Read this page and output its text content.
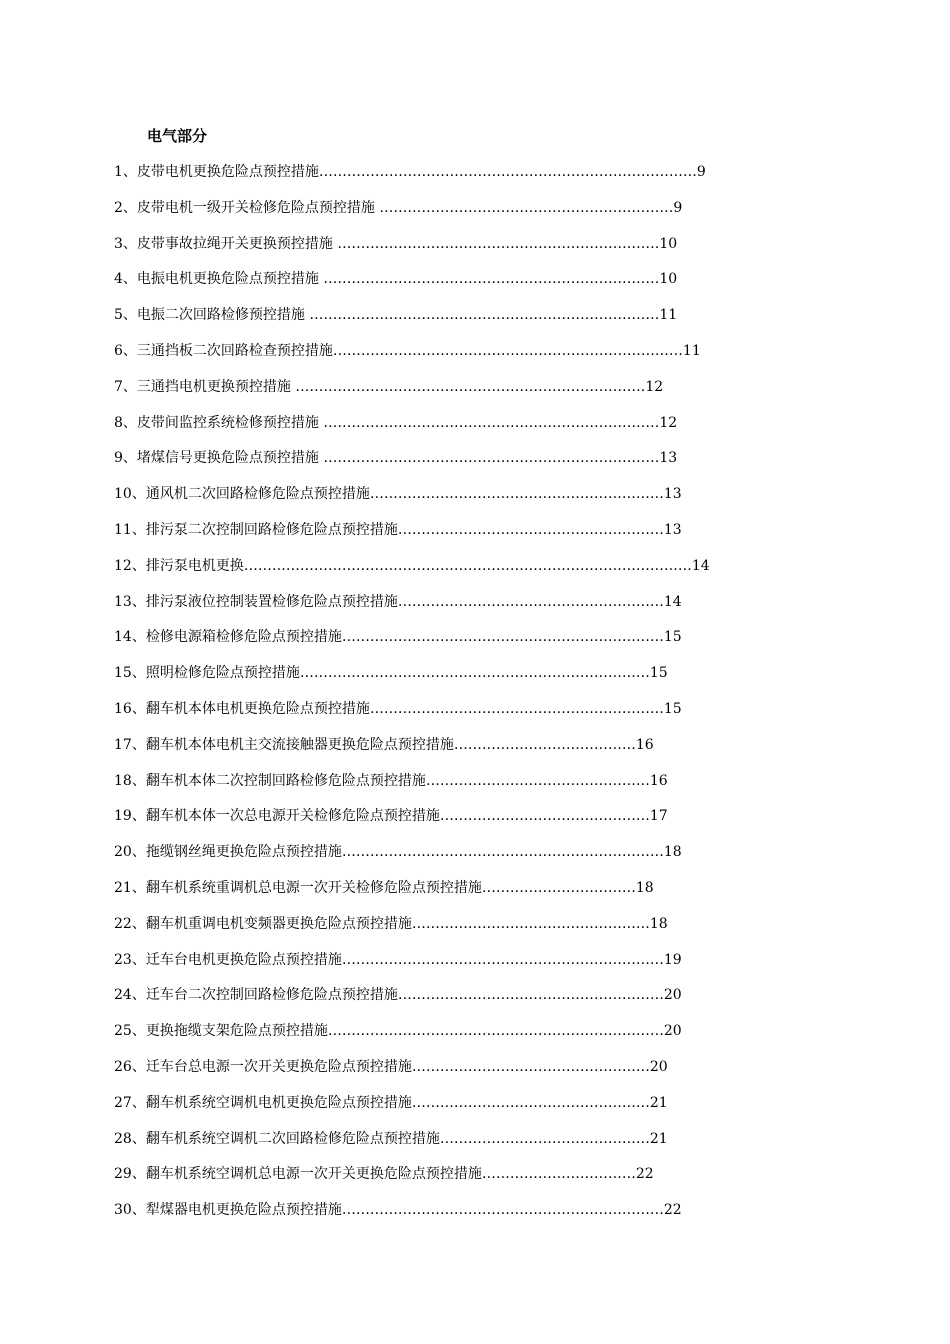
电气部分
1、皮带电机更换危险点预控措施………………………………………………………………………9
2、皮带电机一级开关检修危险点预控措施 ………………………………………………………9
3、皮带事故拉绳开关更换预控措施 ……………………………………………………………10
4、电振电机更换危险点预控措施 ………………………………………………………………10
5、电振二次回路检修预控措施 …………………………………………………………………11
6、三通挡板二次回路检查预控措施…………………………………………………………………11
7、三通挡电机更换预控措施 …………………………………………………………………12
8、皮带间监控系统检修预控措施 ………………………………………………………………12
9、堵煤信号更换危险点预控措施 ………………………………………………………………13
10、通风机二次回路检修危险点预控措施………………………………………………………13
11、排污泵二次控制回路检修危险点预控措施…………………………………………………13
12、排污泵电机更换……………………………………………………………………………………14
13、排污泵液位控制装置检修危险点预控措施…………………………………………………14
14、检修电源箱检修危险点预控措施……………………………………………………………15
15、照明检修危险点预控措施…………………………………………………………………15
16、翻车机本体电机更换危险点预控措施………………………………………………………15
17、翻车机本体电机主交流接触器更换危险点预控措施…………………………………16
18、翻车机本体二次控制回路检修危险点预控措施…………………………………………16
19、翻车机本体一次总电源开关检修危险点预控措施………………………………………17
20、拖缆钢丝绳更换危险点预控措施……………………………………………………………18
21、翻车机系统重调机总电源一次开关检修危险点预控措施……………………………18
22、翻车机重调电机变频器更换危险点预控措施……………………………………………18
23、迁车台电机更换危险点预控措施……………………………………………………………19
24、迁车台二次控制回路检修危险点预控措施…………………………………………………20
25、更换拖缆支架危险点预控措施………………………………………………………………20
26、迁车台总电源一次开关更换危险点预控措施……………………………………………20
27、翻车机系统空调机电机更换危险点预控措施……………………………………………21
28、翻车机系统空调机二次回路检修危险点预控措施………………………………………21
29、翻车机系统空调机总电源一次开关更换危险点预控措施……………………………22
30、犁煤器电机更换危险点预控措施……………………………………………………………22
